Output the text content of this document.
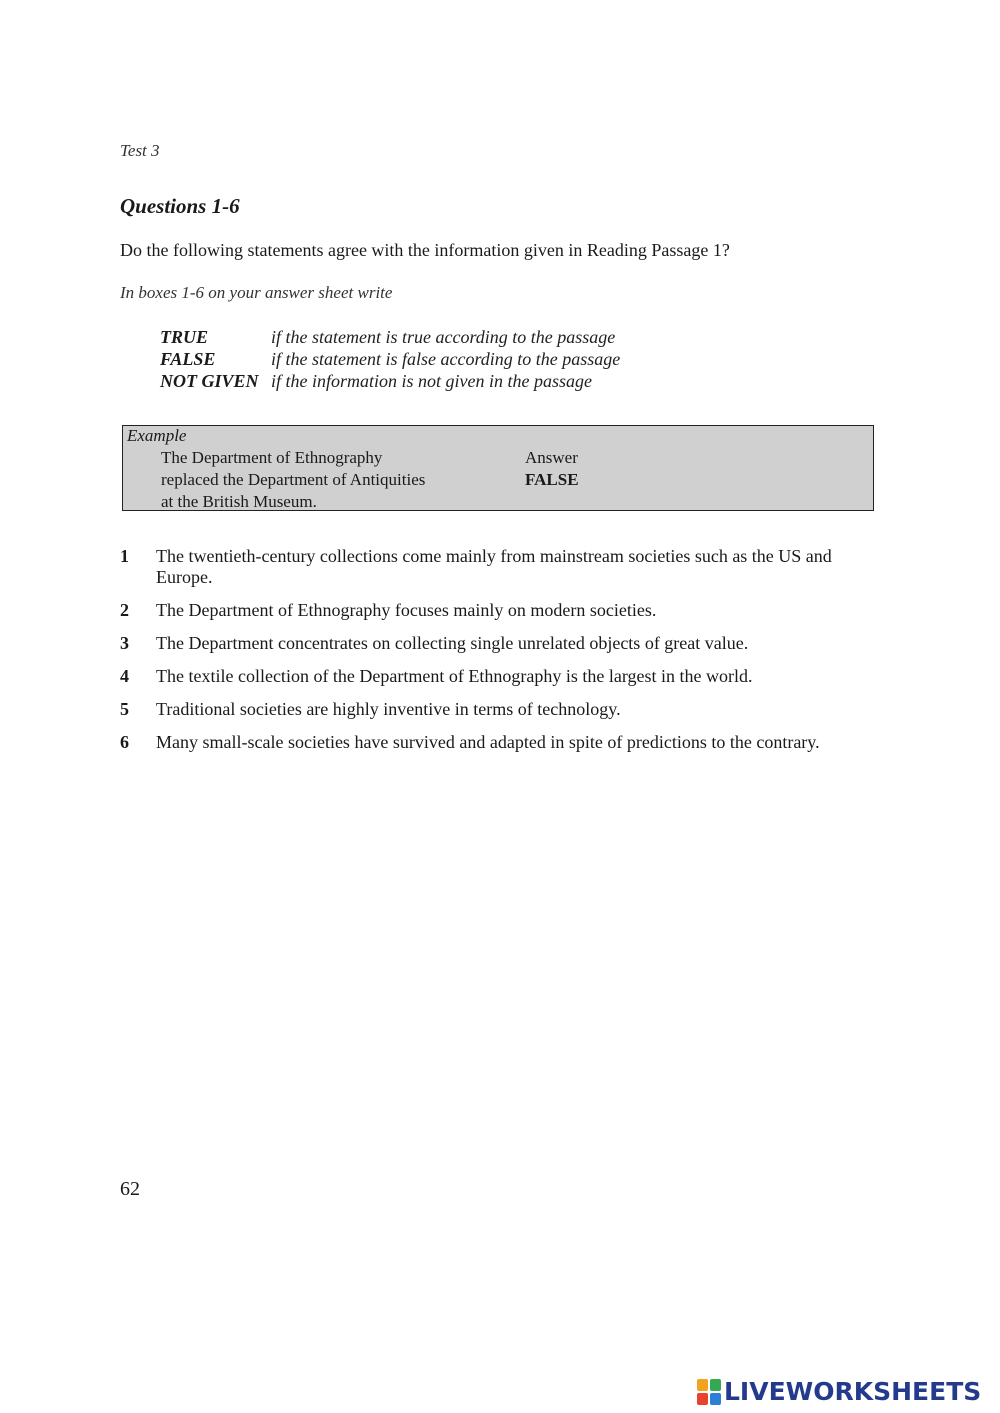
Test 3
Questions 1-6
Do the following statements agree with the information given in Reading Passage 1?
In boxes 1-6 on your answer sheet write
TRUE	if the statement is true according to the passage
FALSE	if the statement is false according to the passage
NOT GIVEN if the information is not given in the passage
Example
The Department of Ethnography
replaced the Department of Antiquities
at the British Museum.
Answer
FALSE
1	The twentieth-century collections come mainly from mainstream societies such as the US and Europe.
2	The Department of Ethnography focuses mainly on modern societies.
3	The Department concentrates on collecting single unrelated objects of great value.
4	The textile collection of the Department of Ethnography is the largest in the world.
5	Traditional societies are highly inventive in terms of technology.
6	Many small-scale societies have survived and adapted in spite of predictions to the contrary.
62
LIVEWORKSHEETS
